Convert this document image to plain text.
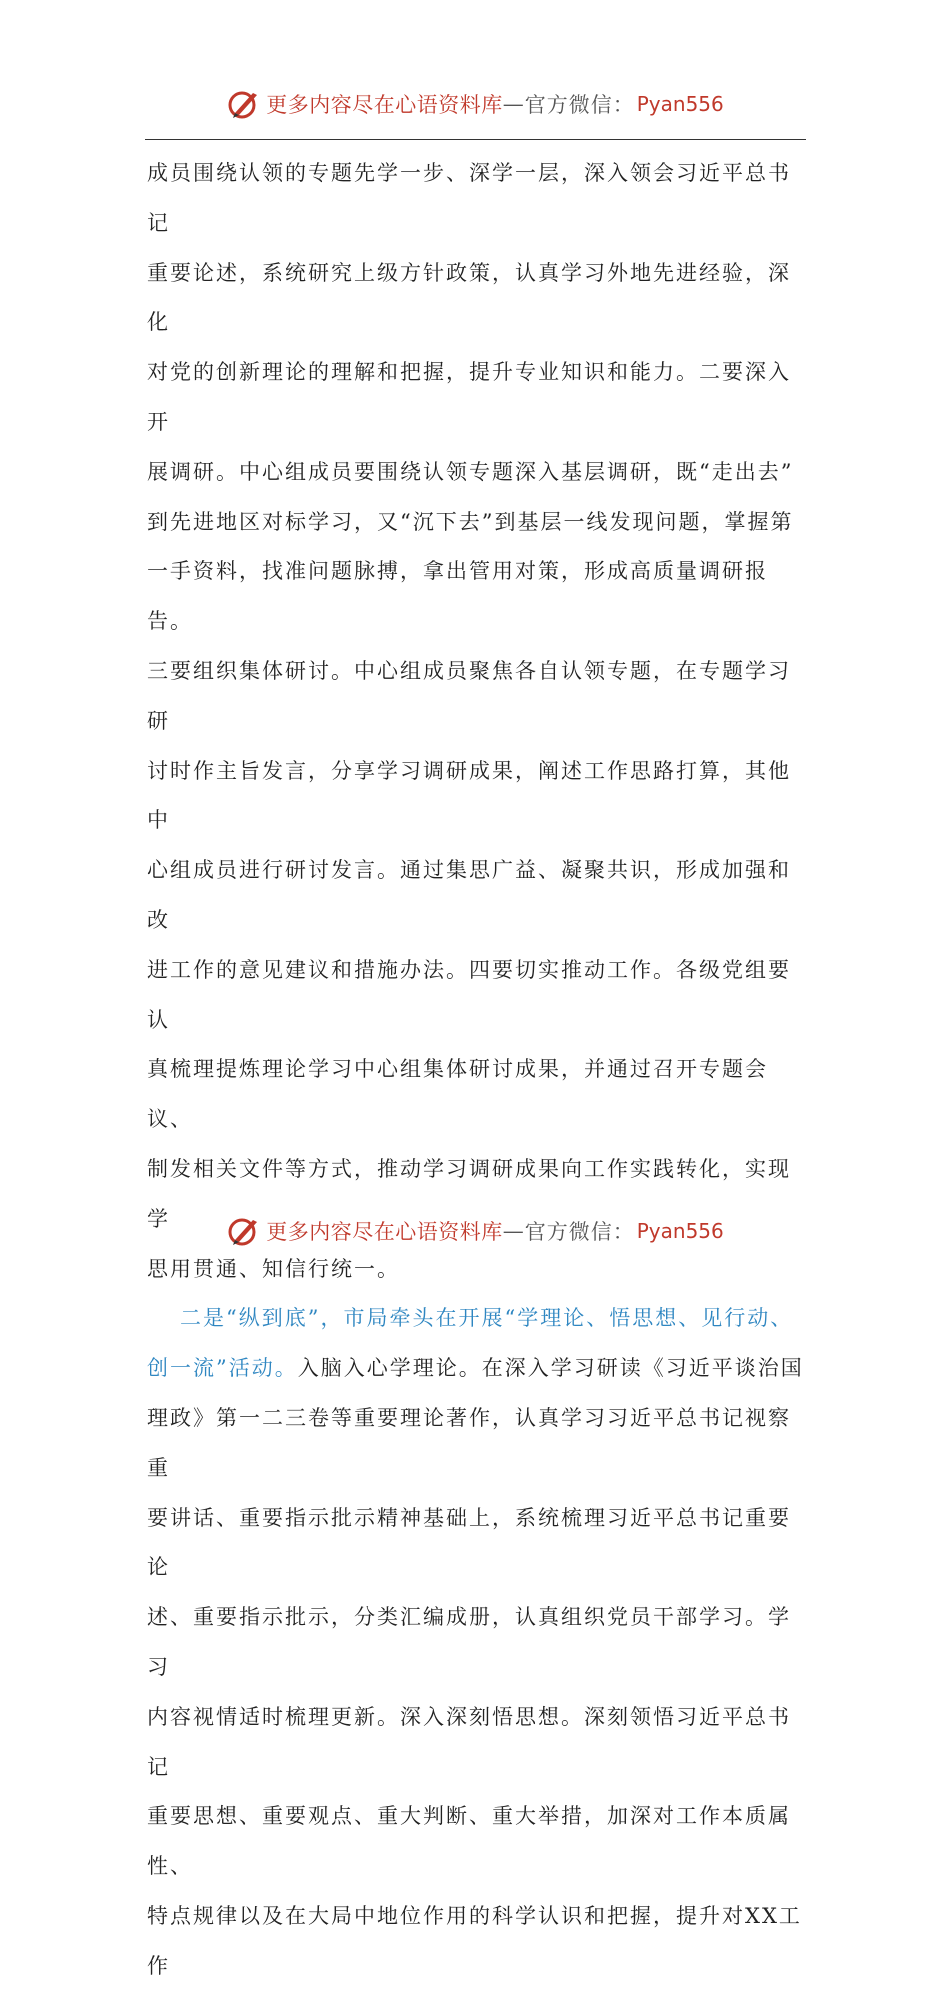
更多内容尽在心语资料库 — 官方微信： Pyan556

成员围绕认领的专题先学一步、深学一层，深入领会习近平总书记

重要论述，系统研究上级方针政策，认真学习外地先进经验，深化

对党的创新理论的理解和把握，提升专业知识和能力。二要深入开

展调研。中心组成员要围绕认领专题深入基层调研，既“走出去”

到先进地区对标学习，又“沉下去”到基层一线发现问题，掌握第

一手资料，找准问题脉搏，拿出管用对策，形成高质量调研报告。

三要组织集体研讨。中心组成员聚焦各自认领专题，在专题学习研

讨时作主旨发言，分享学习调研成果，阐述工作思路打算，其他中

心组成员进行研讨发言。通过集思广益、凝聚共识，形成加强和改

进工作的意见建议和措施办法。四要切实推动工作。各级党组要认

真梳理提炼理论学习中心组集体研讨成果，并通过召开专题会议、

制发相关文件等方式，推动学习调研成果向工作实践转化，实现学

思用贯通、知信行统一。

二是“纵到底”，市局牵头在开展“学理论、悟思想、见行动、

创一流”活动。入脑入心学理论。在深入学习研读《习近平谈治国

理政》第一二三卷等重要理论著作，认真学习习近平总书记视察重

要讲话、重要指示批示精神基础上，系统梳理习近平总书记重要论

述、重要指示批示，分类汇编成册，认真组织党员干部学习。学习

内容视情适时梳理更新。深入深刻悟思想。深刻领悟习近平总书记

重要思想、重要观点、重大判断、重大举措，加深对工作本质属性、

特点规律以及在大局中地位作用的科学认识和把握，提升对XX工作

更多内容尽在心语资料库 — 官方微信： Pyan556
